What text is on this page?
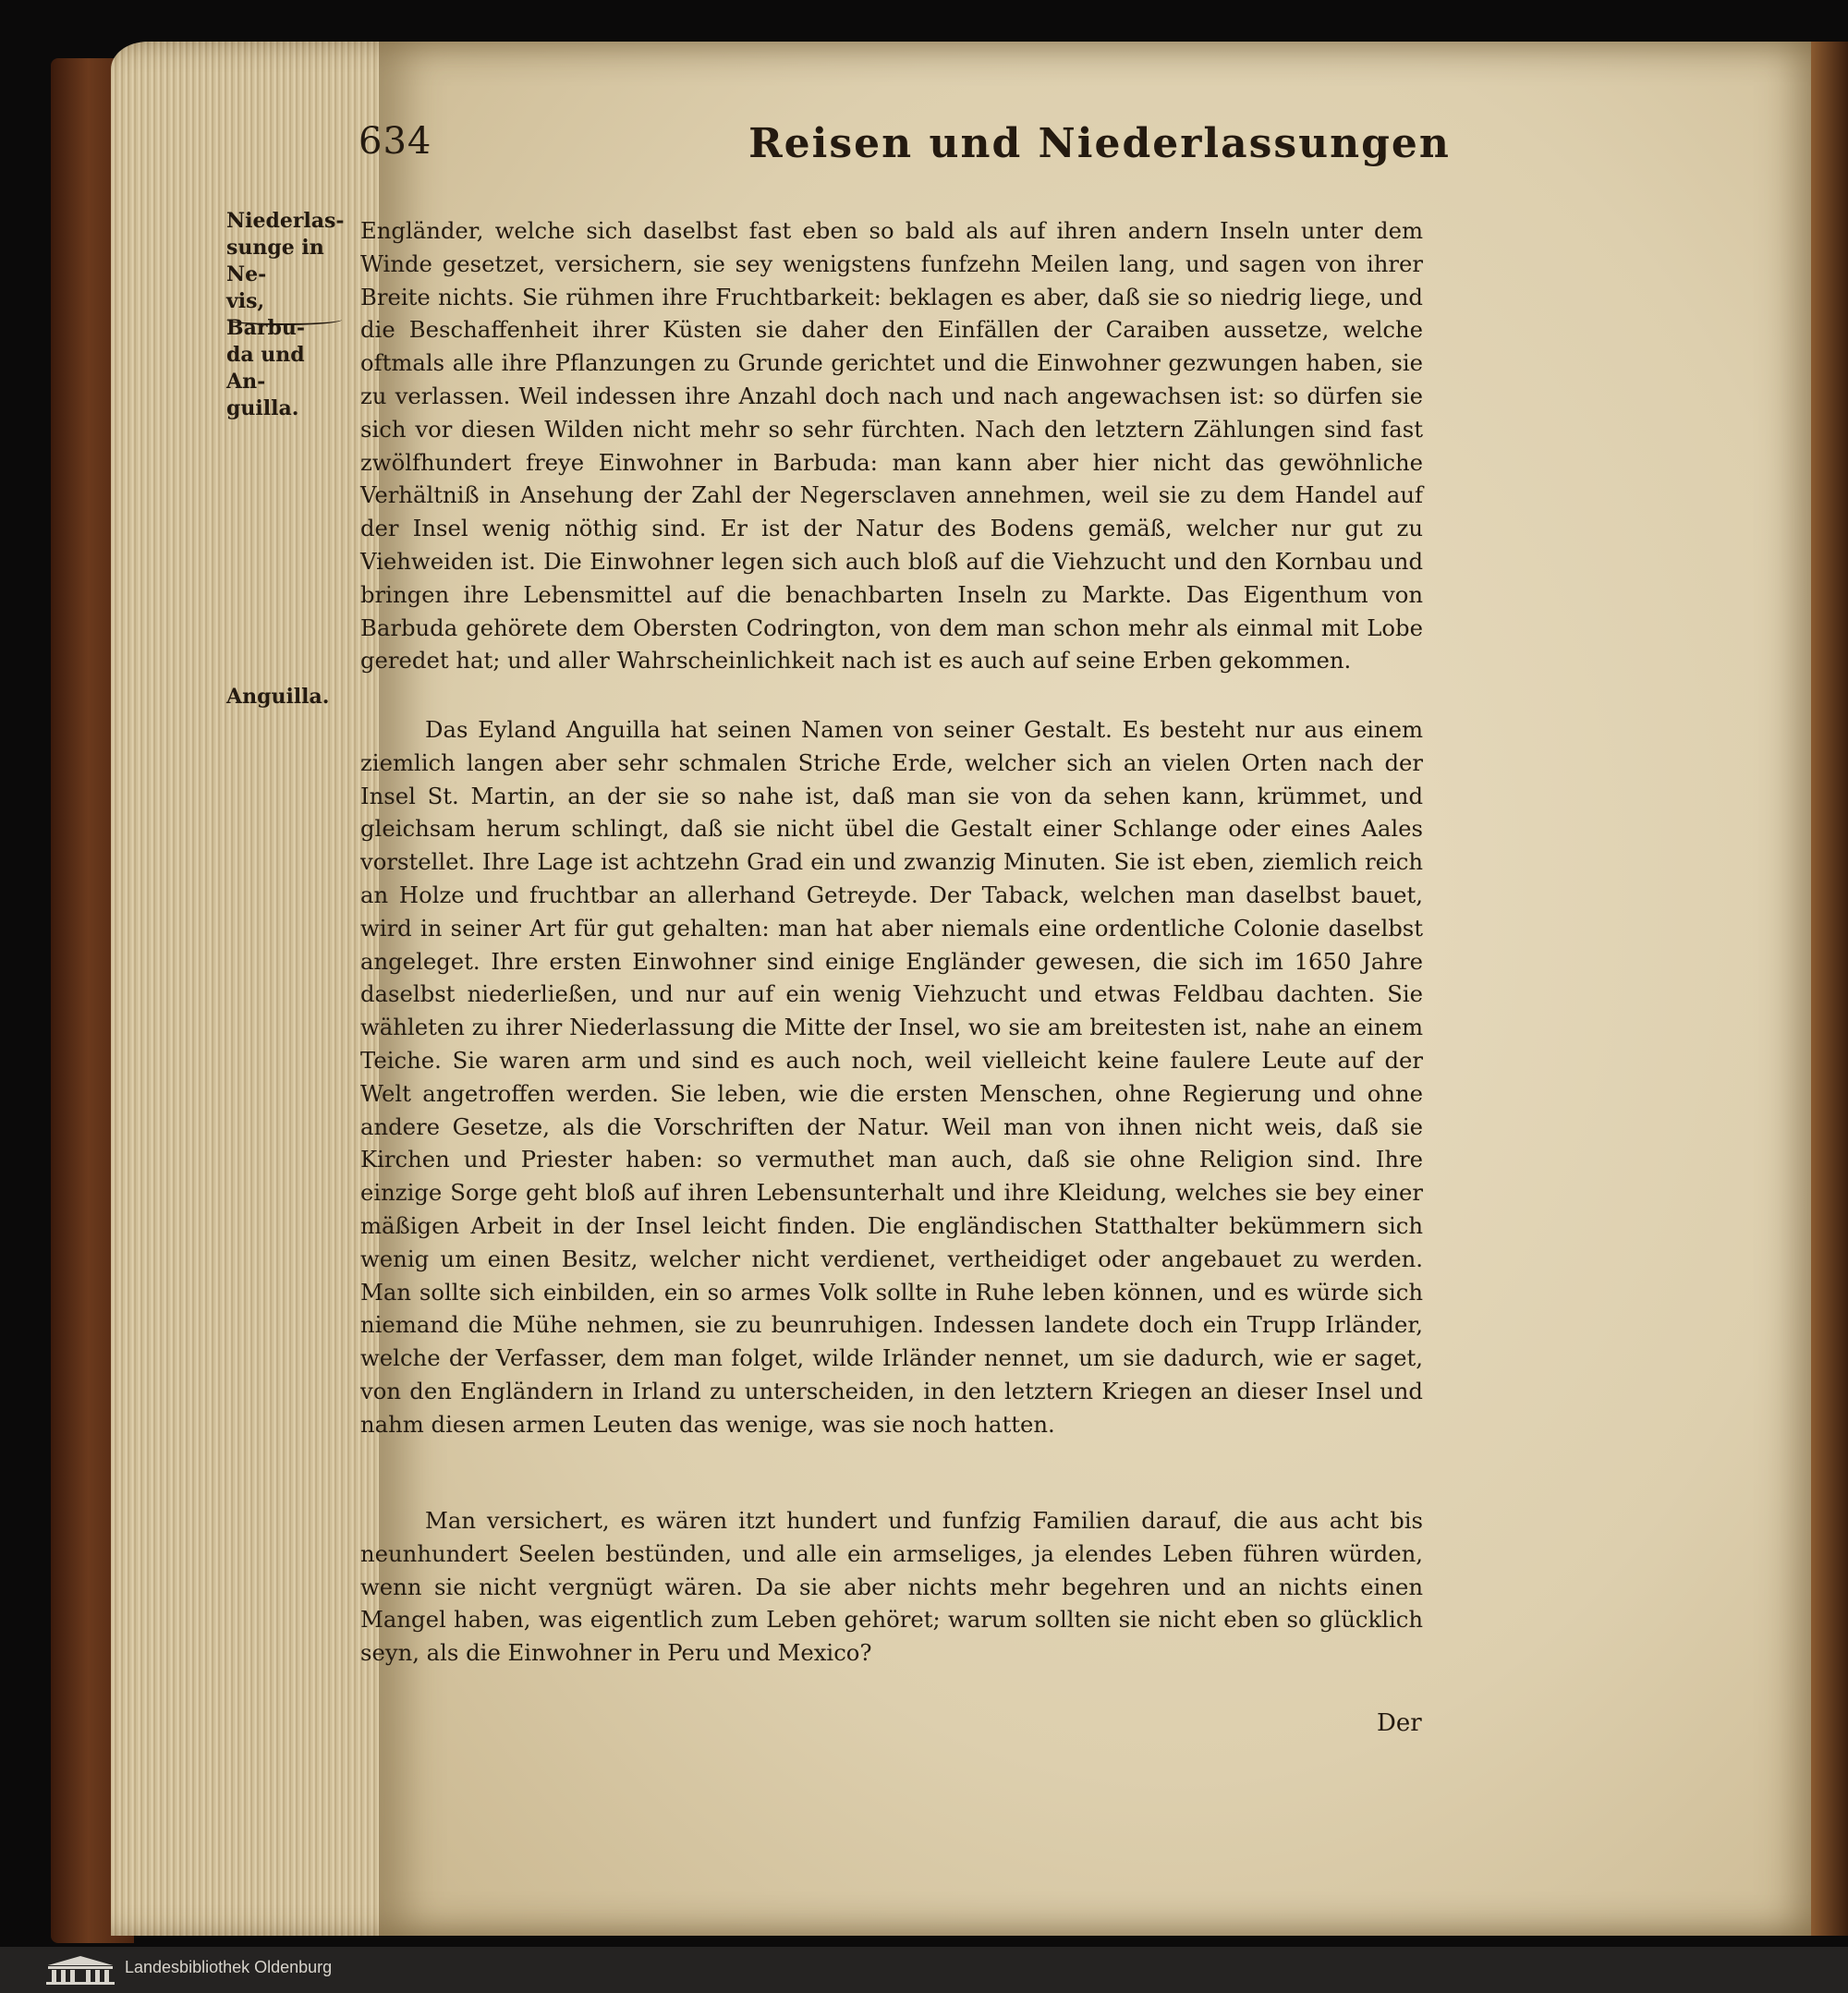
634	Reisen und Niederlassungen
Niederlas-
sunge in Ne-
vis, Barbu-
da und An-
guilla.
Anguilla.

Engländer, welche sich daselbst fast eben so bald als auf ihren andern Inseln unter dem Winde gesetzet, versichern, sie sey wenigstens funfzehn Meilen lang, und sagen von ihrer Breite nichts. Sie rühmen ihre Fruchtbarkeit: beklagen es aber, daß sie so niedrig liege, und die Beschaffenheit ihrer Küsten sie daher den Einfällen der Caraiben aussetze, welche oftmals alle ihre Pflanzungen zu Grunde gerichtet und die Einwohner gezwungen haben, sie zu verlassen. Weil indessen ihre Anzahl doch nach und nach angewachsen ist: so dürfen sie sich vor diesen Wilden nicht mehr so sehr fürchten. Nach den letztern Zählungen sind fast zwölfhundert freye Einwohner in Barbuda: man kann aber hier nicht das gewöhnliche Verhältniß in Ansehung der Zahl der Negersclaven annehmen, weil sie zu dem Handel auf der Insel wenig nöthig sind. Er ist der Natur des Bodens gemäß, welcher nur gut zu Viehweiden ist. Die Einwohner legen sich auch bloß auf die Viehzucht und den Kornbau und bringen ihre Lebensmittel auf die benachbarten Inseln zu Markte. Das Eigenthum von Barbuda gehörete dem Obersten Codrington, von dem man schon mehr als einmal mit Lobe geredet hat; und aller Wahrscheinlichkeit nach ist es auch auf seine Erben gekommen.

Das Eyland Anguilla hat seinen Namen von seiner Gestalt. Es besteht nur aus einem ziemlich langen aber sehr schmalen Striche Erde, welcher sich an vielen Orten nach der Insel St. Martin, an der sie so nahe ist, daß man sie von da sehen kann, krümmet, und gleichsam herum schlingt, daß sie nicht übel die Gestalt einer Schlange oder eines Aales vorstellet. Ihre Lage ist achtzehn Grad ein und zwanzig Minuten. Sie ist eben, ziemlich reich an Holze und fruchtbar an allerhand Getreyde. Der Taback, welchen man daselbst bauet, wird in seiner Art für gut gehalten: man hat aber niemals eine ordentliche Colonie daselbst angeleget. Ihre ersten Einwohner sind einige Engländer gewesen, die sich im 1650 Jahre daselbst niederließen, und nur auf ein wenig Viehzucht und etwas Feldbau dachten. Sie wähleten zu ihrer Niederlassung die Mitte der Insel, wo sie am breitesten ist, nahe an einem Teiche. Sie waren arm und sind es auch noch, weil vielleicht keine faulere Leute auf der Welt angetroffen werden. Sie leben, wie die ersten Menschen, ohne Regierung und ohne andere Gesetze, als die Vorschriften der Natur. Weil man von ihnen nicht weis, daß sie Kirchen und Priester haben: so vermuthet man auch, daß sie ohne Religion sind. Ihre einzige Sorge geht bloß auf ihren Lebensunterhalt und ihre Kleidung, welches sie bey einer mäßigen Arbeit in der Insel leicht finden. Die engländischen Statthalter bekümmern sich wenig um einen Besitz, welcher nicht verdienet, vertheidiget oder angebauet zu werden. Man sollte sich einbilden, ein so armes Volk sollte in Ruhe leben können, und es würde sich niemand die Mühe nehmen, sie zu beunruhigen. Indessen landete doch ein Trupp Irländer, welche der Verfasser, dem man folget, wilde Irländer nennet, um sie dadurch, wie er saget, von den Engländern in Irland zu unterscheiden, in den letztern Kriegen an dieser Insel und nahm diesen armen Leuten das wenige, was sie noch hatten.

Man versichert, es wären itzt hundert und funfzig Familien darauf, die aus acht bis neunhundert Seelen bestünden, und alle ein armseliges, ja elendes Leben führen würden, wenn sie nicht vergnügt wären. Da sie aber nichts mehr begehren und an nichts einen Mangel haben, was eigentlich zum Leben gehöret; warum sollten sie nicht eben so glücklich seyn, als die Einwohner in Peru und Mexico?

Der
Landesbibliothek Oldenburg
